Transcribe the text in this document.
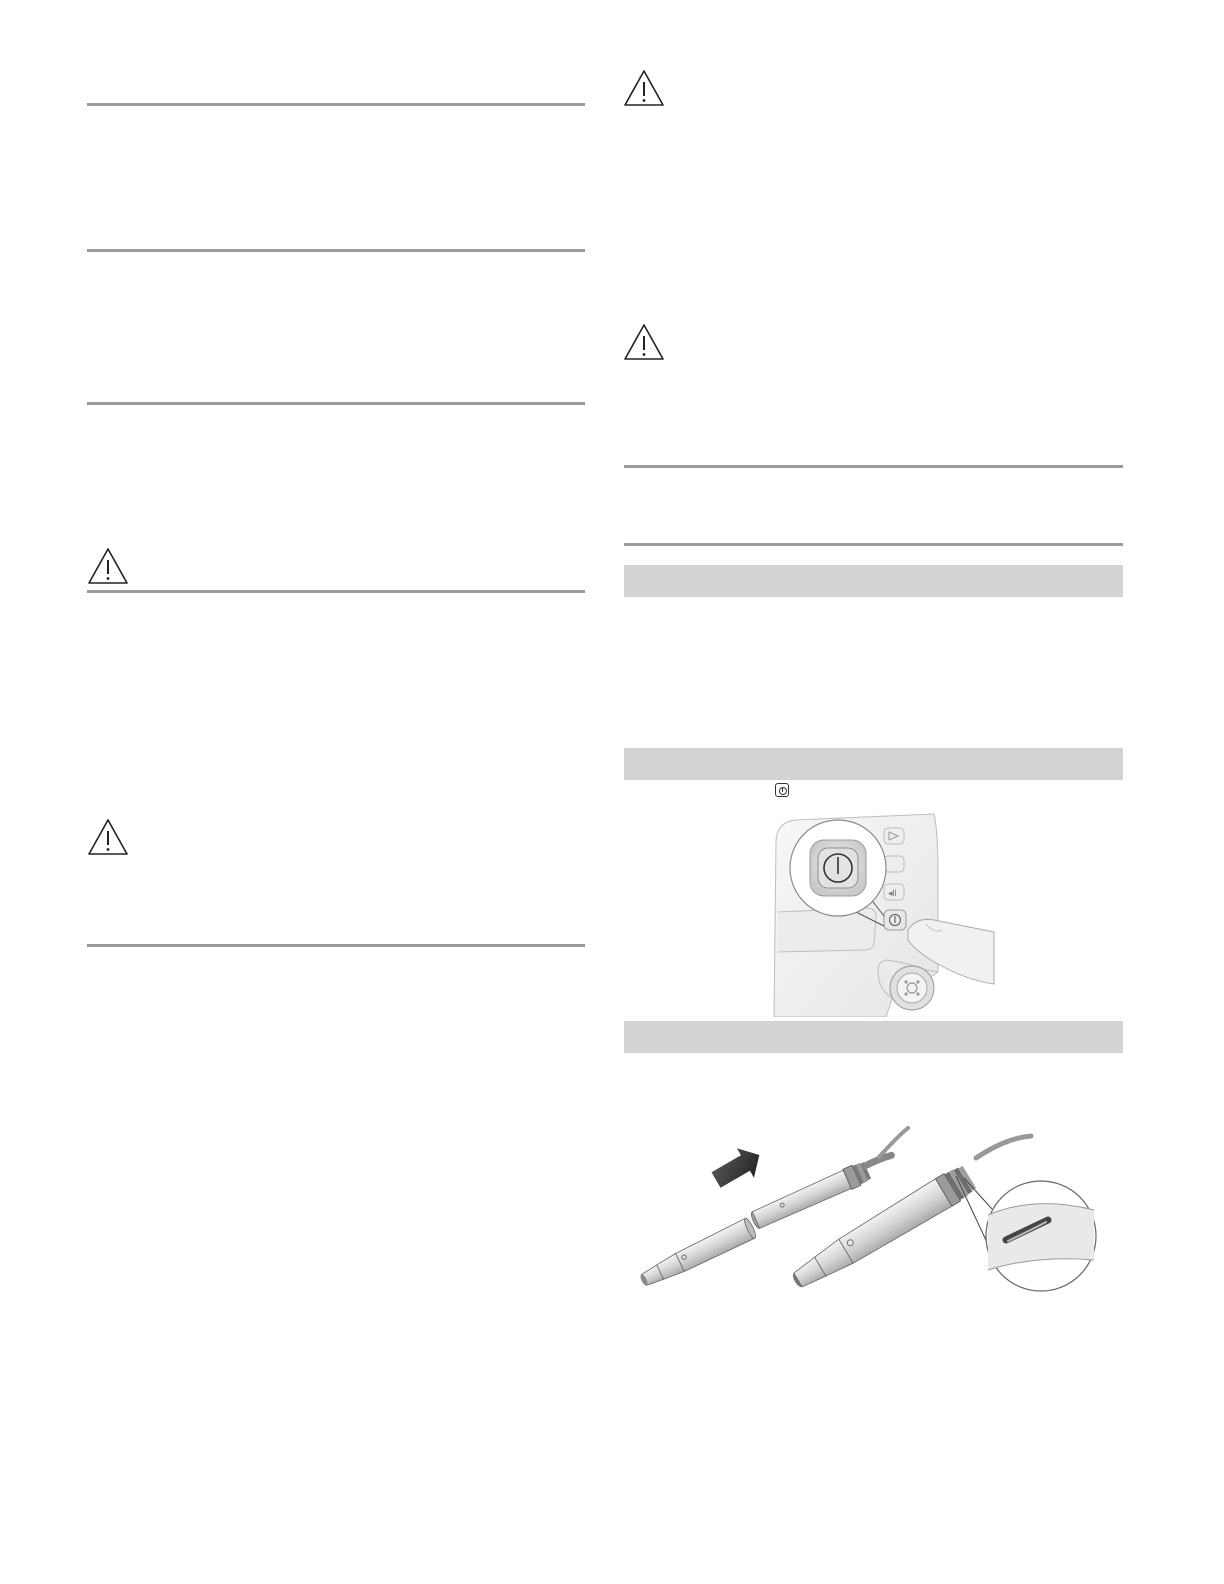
◂ll
